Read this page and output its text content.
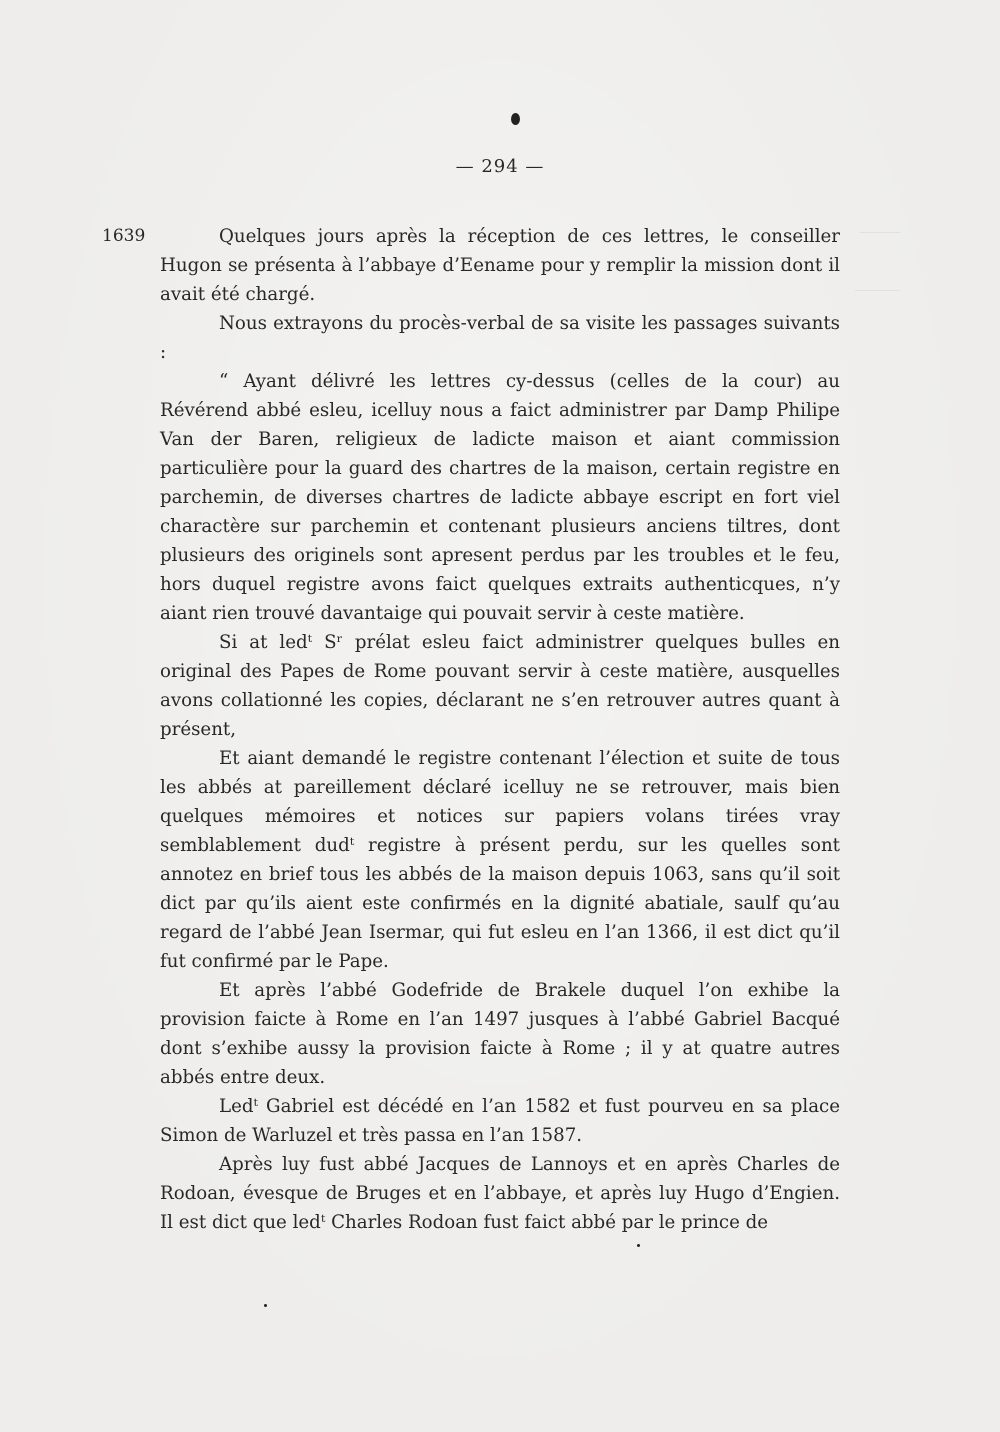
— 294 —
1639	Quelques jours après la réception de ces lettres, le conseiller Hugon se présenta à l’abbaye d’Eename pour y remplir la mission dont il avait été chargé.

Nous extrayons du procès-verbal de sa visite les passages suivants :

“ Ayant délivré les lettres cy-dessus (celles de la cour) au Révérend abbé esleu, icelluy nous a faict administrer par Damp Philipe Van der Baren, religieux de ladicte maison et aiant commission particulière pour la guard des chartres de la maison, certain registre en parchemin, de diverses chartres de ladicte abbaye escript en fort viel charactère sur parchemin et contenant plusieurs anciens tiltres, dont plusieurs des originels sont apresent perdus par les troubles et le feu, hors duquel registre avons faict quelques extraits authenticques, n’y aiant rien trouvé davantaige qui pouvait servir à ceste matière.

Si at ledᵗ Sʳ prélat esleu faict administrer quelques bulles en original des Papes de Rome pouvant servir à ceste matière, ausquelles avons collationné les copies, déclarant ne s’en retrouver autres quant à présent,

Et aiant demandé le registre contenant l’élection et suite de tous les abbés at pareillement déclaré icelluy ne se retrouver, mais bien quelques mémoires et notices sur papiers volans tirées vray semblablement dudᵗ registre à présent perdu, sur les quelles sont annotez en brief tous les abbés de la maison depuis 1063, sans qu’il soit dict par qu’ils aient este confirmés en la dignité abatiale, saulf qu’au regard de l’abbé Jean Isermar, qui fut esleu en l’an 1366, il est dict qu’il fut confirmé par le Pape.

Et après l’abbé Godefride de Brakele duquel l’on exhibe la provision faicte à Rome en l’an 1497 jusques à l’abbé Gabriel Bacqué dont s’exhibe aussy la provision faicte à Rome ; il y at quatre autres abbés entre deux.

Ledᵗ Gabriel est décédé en l’an 1582 et fust pourveu en sa place Simon de Warluzel et très passa en l’an 1587.

Après luy fust abbé Jacques de Lannoys et en après Charles de Rodoan, évesque de Bruges et en l’abbaye, et après luy Hugo d’Engien. Il est dict que ledᵗ Charles Rodoan fust faict abbé par le prince de
